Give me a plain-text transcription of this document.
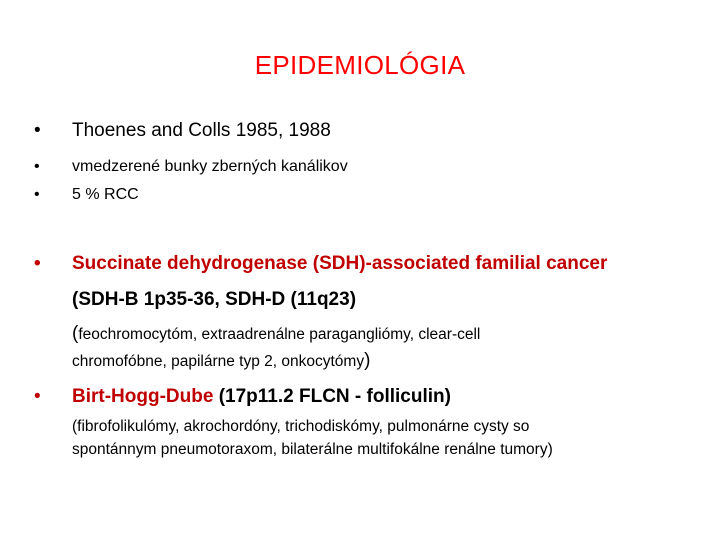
EPIDEMIOLÓGIA
• Thoenes and Colls 1985, 1988
• vmedzerené bunky zberných kanálikov
• 5 % RCC
• Succinate dehydrogenase (SDH)-associated familial cancer
(SDH-B 1p35-36, SDH-D (11q23)
(feochromocytóm, extraadrenálne paragangliómy, clear-cell
chromofóbne, papilárne typ 2, onkocytómy)
• Birt-Hogg-Dube (17p11.2 FLCN - folliculin)
(fibrofolikulómy, akrochordóny, trichodiskómy, pulmonárne cysty so
spontánnym pneumotoraxom, bilaterálne multifokálne renálne tumory)
